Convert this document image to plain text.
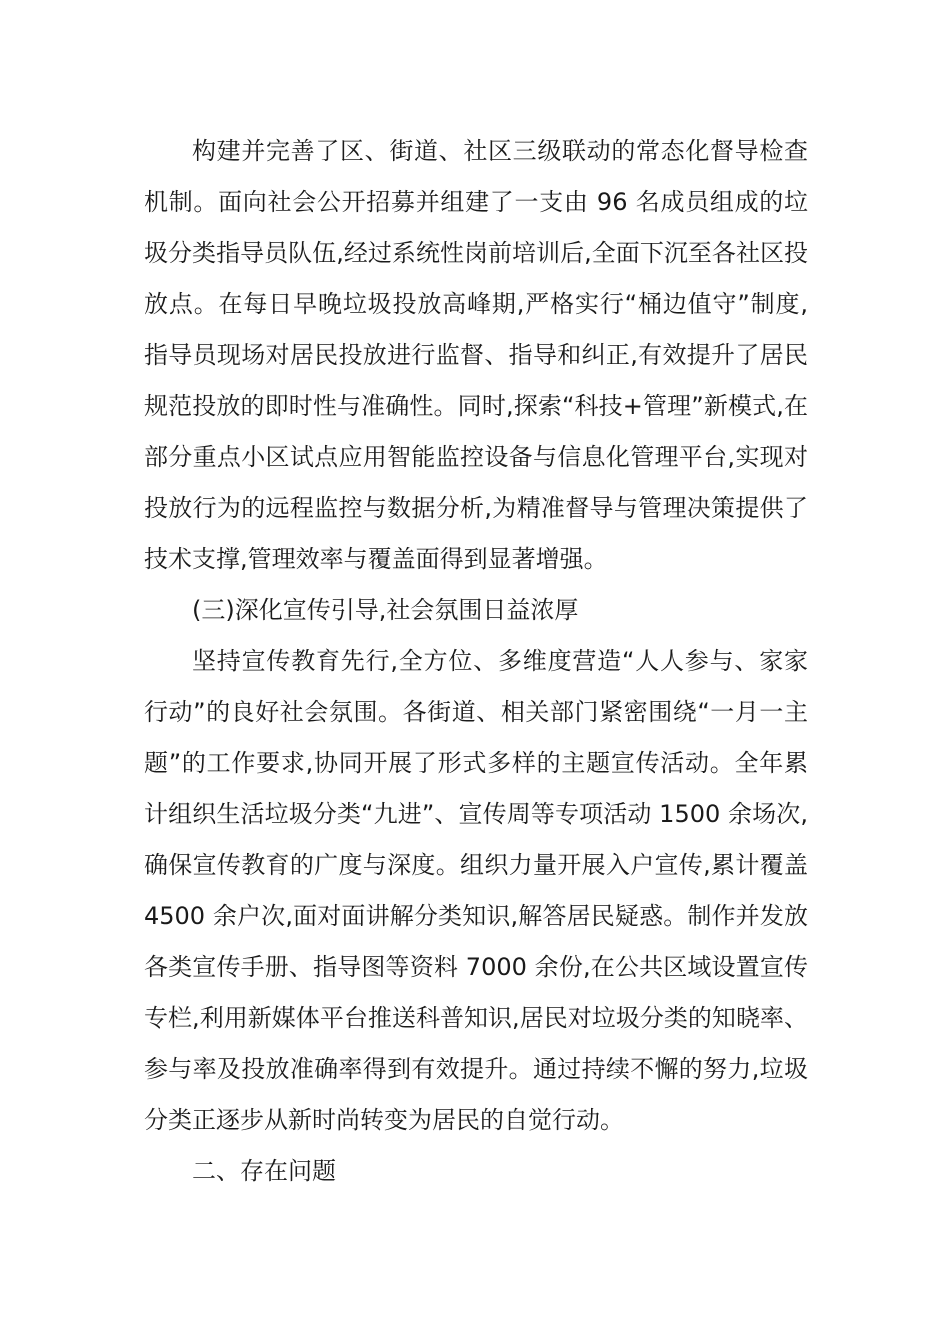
构建并完善了区、街道、社区三级联动的常态化督导检查机制。面向社会公开招募并组建了一支由 96 名成员组成的垃圾分类指导员队伍,经过系统性岗前培训后,全面下沉至各社区投放点。在每日早晚垃圾投放高峰期,严格实行“桶边值守”制度,指导员现场对居民投放进行监督、指导和纠正,有效提升了居民规范投放的即时性与准确性。同时,探索“科技+管理”新模式,在部分重点小区试点应用智能监控设备与信息化管理平台,实现对投放行为的远程监控与数据分析,为精准督导与管理决策提供了技术支撑,管理效率与覆盖面得到显著增强。

(三)深化宣传引导,社会氛围日益浓厚

坚持宣传教育先行,全方位、多维度营造“人人参与、家家行动”的良好社会氛围。各街道、相关部门紧密围绕“一月一主题”的工作要求,协同开展了形式多样的主题宣传活动。全年累计组织生活垃圾分类“九进”、宣传周等专项活动 1500 余场次,确保宣传教育的广度与深度。组织力量开展入户宣传,累计覆盖 4500 余户次,面对面讲解分类知识,解答居民疑惑。制作并发放各类宣传手册、指导图等资料 7000 余份,在公共区域设置宣传专栏,利用新媒体平台推送科普知识,居民对垃圾分类的知晓率、参与率及投放准确率得到有效提升。通过持续不懈的努力,垃圾分类正逐步从新时尚转变为居民的自觉行动。

二、存在问题
